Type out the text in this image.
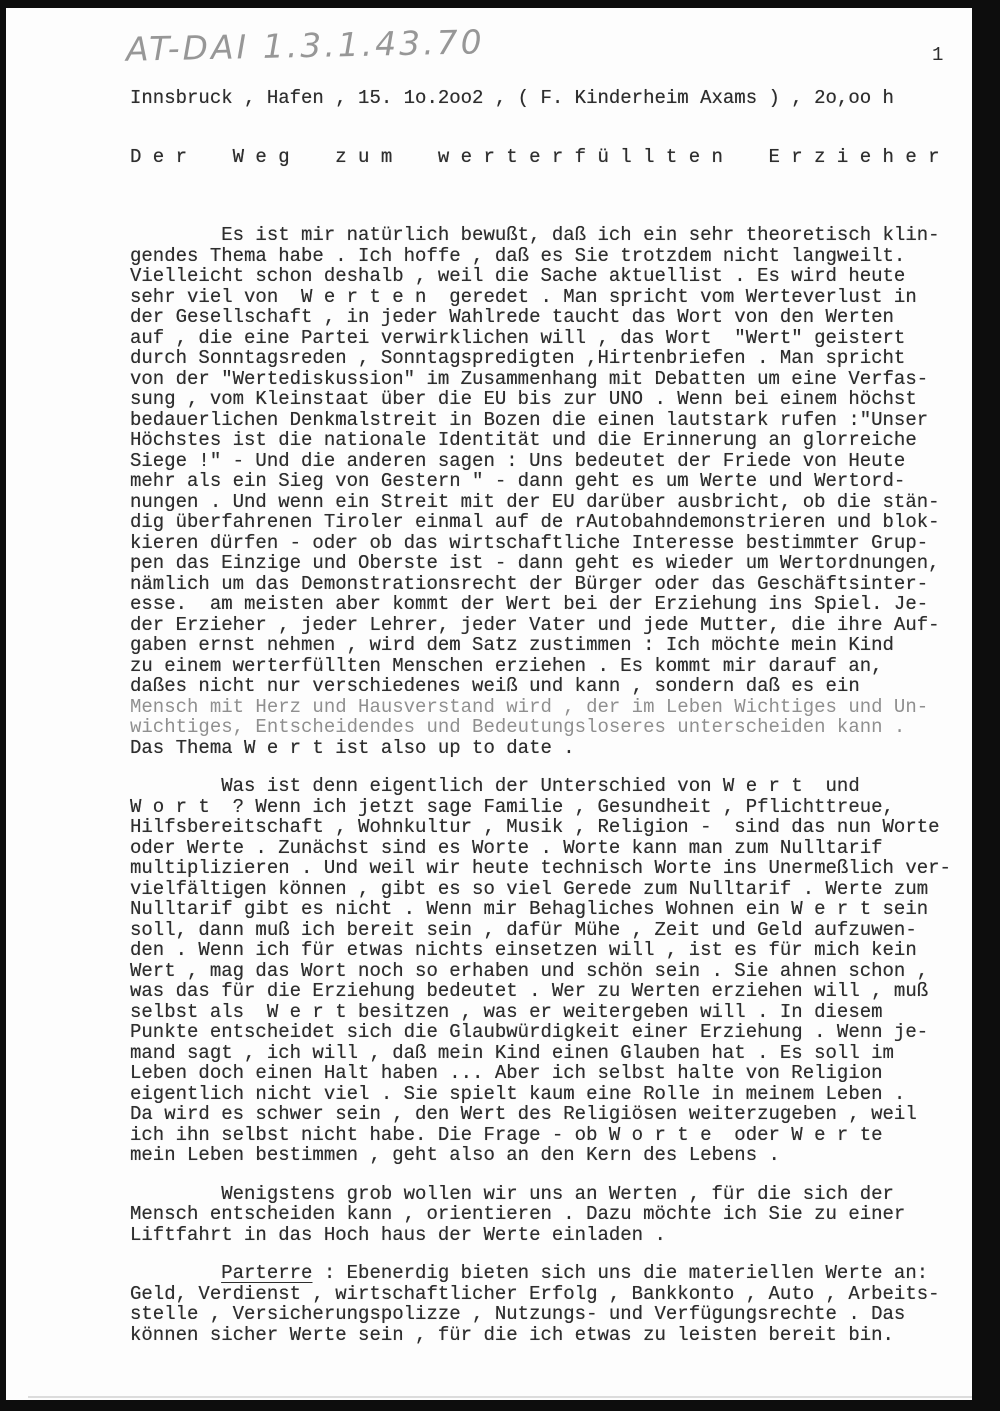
AT-DAI 1.3.1.43.70	1
Innsbruck , Hafen , 15. 1o.2oo2 , ( F. Kinderheim Axams ) , 2o,oo h
D e r    W e g    z u m    w e r t e r f ü l l t e n    E r z i e h e r
Es ist mir natürlich bewußt, daß ich ein sehr theoretisch klin-
gendes Thema habe . Ich hoffe , daß es Sie trotzdem nicht langweilt.
Vielleicht schon deshalb , weil die Sache aktuellist . Es wird heute
sehr viel von  W e r t e n  geredet . Man spricht vom Werteverlust in
der Gesellschaft , in jeder Wahlrede taucht das Wort von den Werten
auf , die eine Partei verwirklichen will , das Wort  "Wert" geistert
durch Sonntagsreden , Sonntagspredigten ,Hirtenbriefen . Man spricht
von der "Wertediskussion" im Zusammenhang mit Debatten um eine Verfas-
sung , vom Kleinstaat über die EU bis zur UNO . Wenn bei einem höchst
bedauerlichen Denkmalstreit in Bozen die einen lautstark rufen :"Unser
Höchstes ist die nationale Identität und die Erinnerung an glorreiche
Siege !" - Und die anderen sagen : Uns bedeutet der Friede von Heute
mehr als ein Sieg von Gestern " - dann geht es um Werte und Wertord-
nungen . Und wenn ein Streit mit der EU darüber ausbricht, ob die stän-
dig überfahrenen Tiroler einmal auf de rAutobahndemonstrieren und blok-
kieren dürfen - oder ob das wirtschaftliche Interesse bestimmter Grup-
pen das Einzige und Oberste ist - dann geht es wieder um Wertordnungen,
nämlich um das Demonstrationsrecht der Bürger oder das Geschäftsinter-
esse.  am meisten aber kommt der Wert bei der Erziehung ins Spiel. Je-
der Erzieher , jeder Lehrer, jeder Vater und jede Mutter, die ihre Auf-
gaben ernst nehmen , wird dem Satz zustimmen : Ich möchte mein Kind
zu einem werterfüllten Menschen erziehen . Es kommt mir darauf an,
daßes nicht nur verschiedenes weiß und kann , sondern daß es ein
Mensch mit Herz und Hausverstand wird , der im Leben Wichtiges und Un-
wichtiges, Entscheidendes und Bedeutungsloseres unterscheiden kann .
Das Thema W e r t ist also up to date .
Was ist denn eigentlich der Unterschied von W e r t  und
W o r t  ? Wenn ich jetzt sage Familie , Gesundheit , Pflichttreue,
Hilfsbereitschaft , Wohnkultur , Musik , Religion -  sind das nun Worte
oder Werte . Zunächst sind es Worte . Worte kann man zum Nulltarif
multiplizieren . Und weil wir heute technisch Worte ins Unermeßlich ver-
vielfältigen können , gibt es so viel Gerede zum Nulltarif . Werte zum
Nulltarif gibt es nicht . Wenn mir Behagliches Wohnen ein W e r t sein
soll, dann muß ich bereit sein , dafür Mühe , Zeit und Geld aufzuwen-
den . Wenn ich für etwas nichts einsetzen will , ist es für mich kein
Wert , mag das Wort noch so erhaben und schön sein . Sie ahnen schon ,
was das für die Erziehung bedeutet . Wer zu Werten erziehen will , muß
selbst als  W e r t besitzen , was er weitergeben will . In diesem
Punkte entscheidet sich die Glaubwürdigkeit einer Erziehung . Wenn je-
mand sagt , ich will , daß mein Kind einen Glauben hat . Es soll im
Leben doch einen Halt haben ... Aber ich selbst halte von Religion
eigentlich nicht viel . Sie spielt kaum eine Rolle in meinem Leben .
Da wird es schwer sein , den Wert des Religiösen weiterzugeben , weil
ich ihn selbst nicht habe. Die Frage - ob W o r t e  oder W e r te
mein Leben bestimmen , geht also an den Kern des Lebens .
Wenigstens grob wollen wir uns an Werten , für die sich der
Mensch entscheiden kann , orientieren . Dazu möchte ich Sie zu einer
Liftfahrt in das Hoch haus der Werte einladen .
Parterre : Ebenerdig bieten sich uns die materiellen Werte an:
Geld, Verdienst , wirtschaftlicher Erfolg , Bankkonto , Auto , Arbeits-
stelle , Versicherungspolizze , Nutzungs- und Verfügungsrechte . Das
können sicher Werte sein , für die ich etwas zu leisten bereit bin.
